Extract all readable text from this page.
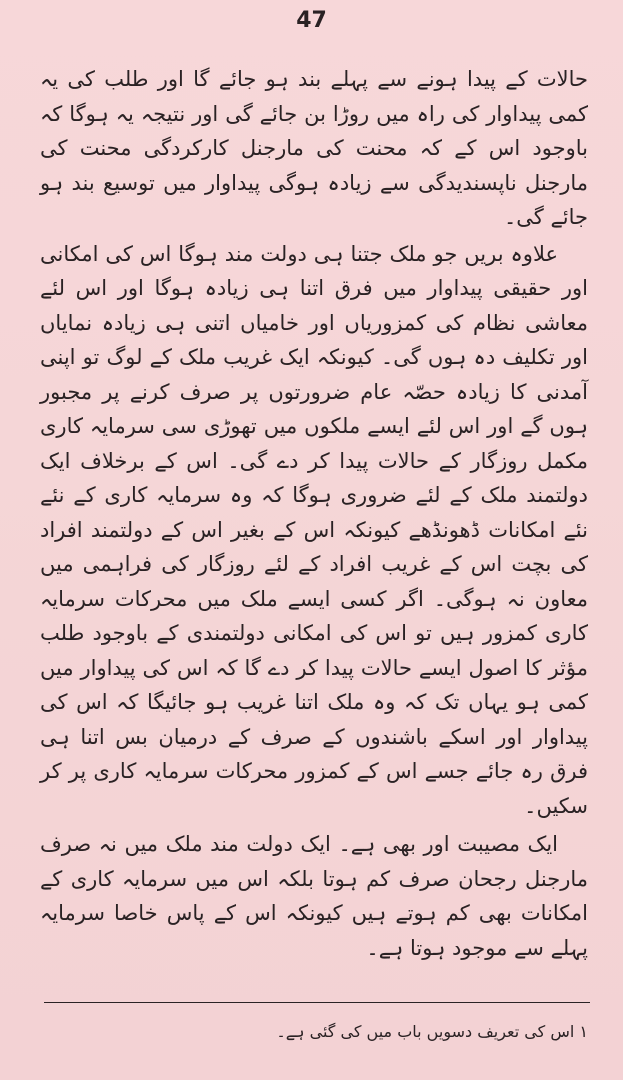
47

حالات کے پیدا ہونے سے پہلے بند ہو جائے گا اور طلب کی یہ کمی پیداوار کی راہ میں روڑا بن جائے گی اور نتیجہ یہ ہوگا کہ باوجود اس کے کہ محنت کی مارجنل کارکردگی محنت کی مارجنل ناپسندیدگی سے زیادہ ہوگی پیداوار میں توسیع بند ہو جائے گی۔

علاوہ بریں جو ملک جتنا ہی دولت مند ہوگا اس کی امکانی اور حقیقی پیداوار میں فرق اتنا ہی زیادہ ہوگا اور اس لئے معاشی نظام کی کمزوریاں اور خامیاں اتنی ہی زیادہ نمایاں اور تکلیف دہ ہوں گی۔ کیونکہ ایک غریب ملک کے لوگ تو اپنی آمدنی کا زیادہ حصّہ عام ضرورتوں پر صرف کرنے پر مجبور ہوں گے اور اس لئے ایسے ملکوں میں تھوڑی سی سرمایہ کاری مکمل روزگار کے حالات پیدا کر دے گی۔ اس کے برخلاف ایک دولتمند ملک کے لئے ضروری ہوگا کہ وہ سرمایہ کاری کے نئے نئے امکانات ڈھونڈھے کیونکہ اس کے بغیر اس کے دولتمند افراد کی بچت اس کے غریب افراد کے لئے روزگار کی فراہمی میں معاون نہ ہوگی۔ اگر کسی ایسے ملک میں محرکات سرمایہ کاری کمزور ہیں تو اس کی امکانی دولتمندی کے باوجود طلب مؤثر کا اصول ایسے حالات پیدا کر دے گا کہ اس کی پیداوار میں کمی ہو یہاں تک کہ وہ ملک اتنا غریب ہو جائیگا کہ اس کی پیداوار اور اسکے باشندوں کے صرف کے درمیان بس اتنا ہی فرق رہ جائے جسے اس کے کمزور محرکات سرمایہ کاری پر کر سکیں۔

ایک مصیبت اور بھی ہے۔ ایک دولت مند ملک میں نہ صرف مارجنل رجحان صرف کم ہوتا بلکہ اس میں سرمایہ کاری کے امکانات بھی کم ہوتے ہیں کیونکہ اس کے پاس خاصا سرمایہ پہلے سے موجود ہوتا ہے۔

۱ اس کی تعریف دسویں باب میں کی گئی ہے۔
